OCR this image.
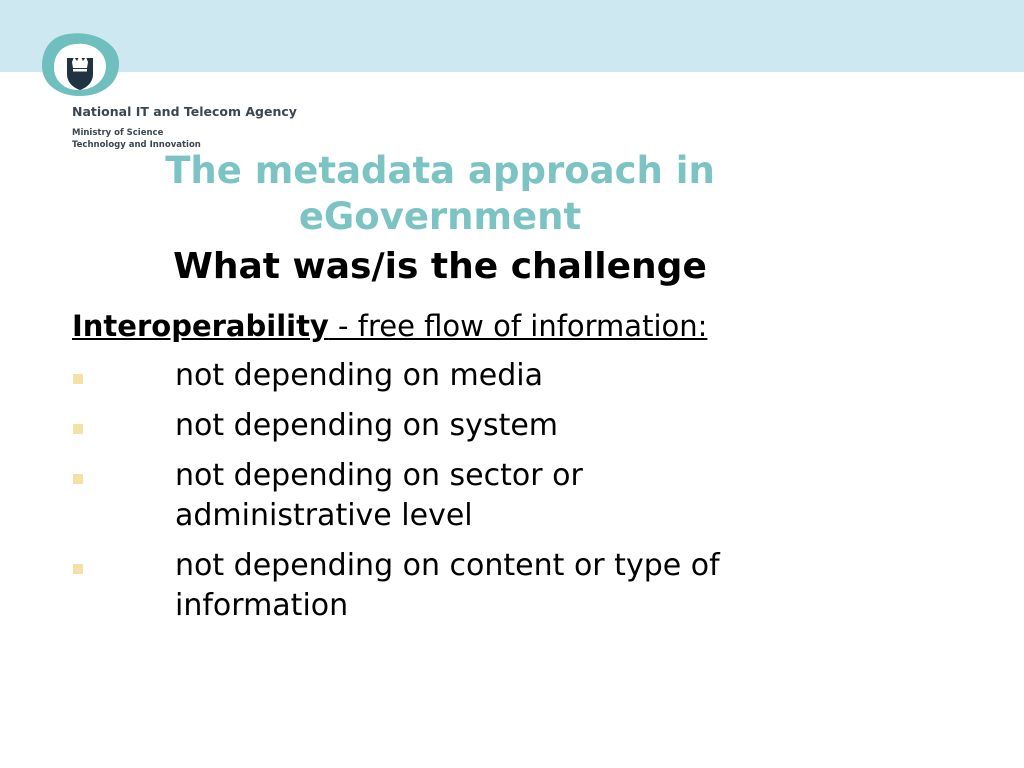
National IT and Telecom Agency
Ministry of Science
Technology and Innovation
The metadata approach in
eGovernment
What was/is the challenge
Interoperability - free flow of information:
not depending on media
not depending on system
not depending on sector or
administrative level
not depending on content or type of
information
